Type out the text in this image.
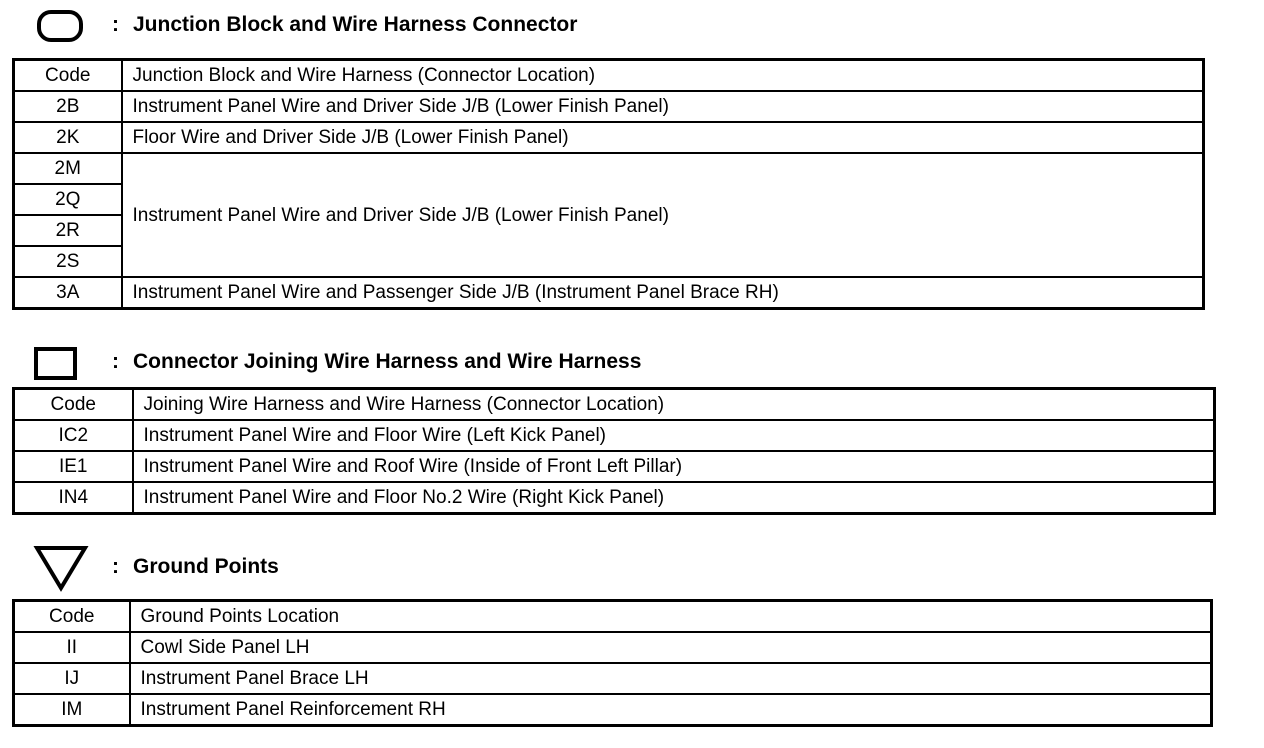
: Junction Block and Wire Harness Connector
Code	Junction Block and Wire Harness (Connector Location)
2B	Instrument Panel Wire and Driver Side J/B (Lower Finish Panel)
2K	Floor Wire and Driver Side J/B (Lower Finish Panel)
2M	Instrument Panel Wire and Driver Side J/B (Lower Finish Panel)
2Q	
2R	
2S	
3A	Instrument Panel Wire and Passenger Side J/B (Instrument Panel Brace RH)
: Connector Joining Wire Harness and Wire Harness
Code	Joining Wire Harness and Wire Harness (Connector Location)
IC2	Instrument Panel Wire and Floor Wire (Left Kick Panel)
IE1	Instrument Panel Wire and Roof Wire (Inside of Front Left Pillar)
IN4	Instrument Panel Wire and Floor No.2 Wire (Right Kick Panel)
: Ground Points
Code	Ground Points Location
II	Cowl Side Panel LH
IJ	Instrument Panel Brace LH
IM	Instrument Panel Reinforcement RH
